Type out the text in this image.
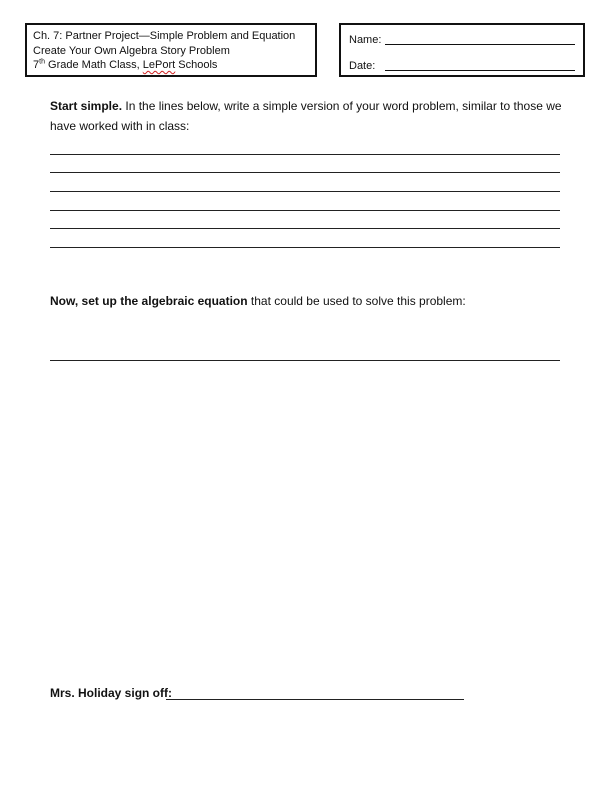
Ch. 7: Partner Project—Simple Problem and Equation
Create Your Own Algebra Story Problem
7th Grade Math Class, LePort Schools
Name:
Date:
Start simple. In the lines below, write a simple version of your word problem, similar to those we have worked with in class:
Now, set up the algebraic equation that could be used to solve this problem:
Mrs. Holiday sign off:
